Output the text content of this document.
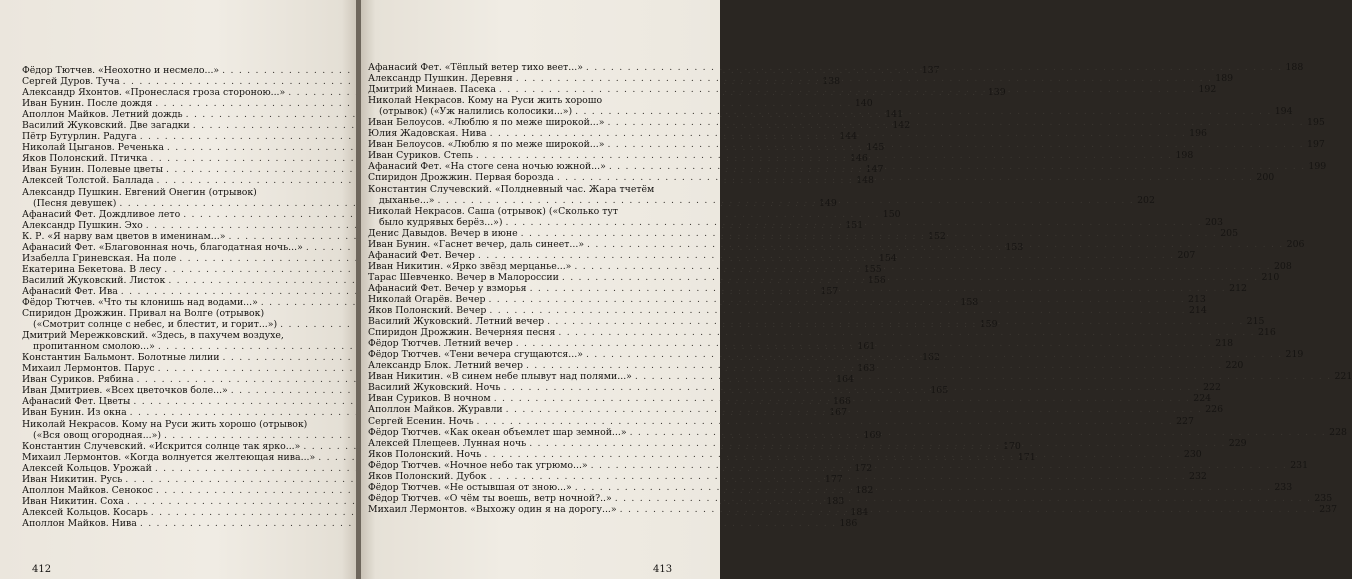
Фёдор Тютчев. «Неохотно и несмело...» . . .	137
Сергей Дуров. Туча . . .	138
Александр Яхонтов. «Пронеслася гроза стороною...» . . .	139
Иван Бунин. После дождя . . .	140
Аполлон Майков. Летний дождь . . .	141
Василий Жуковский. Две загадки . . .	142
Пётр Бутурлин. Радуга . . .	144
Николай Цыганов. Реченька . . .	145
Яков Полонский. Птичка . . .	146
Иван Бунин. Полевые цветы . . .	147
Алексей Толстой. Баллада . . .	148
Александр Пушкин. Евгений Онегин (отрывок)
(Песня девушек) . . .	149
Афанасий Фет. Дождливое лето . . .	150
Александр Пушкин. Эхо . . .	151
К. Р. «Я нарву вам цветов в именинам...» . . .	152
Афанасий Фет. «Благовонная ночь, благодатная ночь...» . . .	153
Изабелла Гриневская. На поле . . .	154
Екатерина Бекетова. В лесу . . .	155
Василий Жуковский. Листок . . .	156
Афанасий Фет. Ива . . .	157
Фёдор Тютчев. «Что ты клонишь над водами...» . . .	158
Спиридон Дрожжин. Привал на Волге (отрывок)
(«Смотрит солнце с небес, и блестит, и горит...») . . .	159
Дмитрий Мережковский. «Здесь, в пахучем воздухе,
пропитанном смолою...» . . .	161
Константин Бальмонт. Болотные лилии . . .	162
Михаил Лермонтов. Парус . . .	163
Иван Суриков. Рябина . . .	164
Иван Дмитриев. «Всех цветочков боле...» . . .	165
Афанасий Фет. Цветы . . .	166
Иван Бунин. Из окна . . .	167
Николай Некрасов. Кому на Руси жить хорошо (отрывок)
(«Вся овощ огородная...») . . .	169
Константин Случевский. «Искрится солнце так ярко...» . . .	170
Михаил Лермонтов. «Когда волнуется желтеющая нива...» . . .	171
Алексей Кольцов. Урожай . . .	172
Иван Никитин. Русь . . .	177
Аполлон Майков. Сенокос . . .	182
Иван Никитин. Соха . . .	183
Алексей Кольцов. Косарь . . .	184
Аполлон Майков. Нива . . .	186
412
Афанасий Фет. «Тёплый ветер тихо веет...» . . .	188
Александр Пушкин. Деревня . . .	189
Дмитрий Минаев. Пасека . . .	192
Николай Некрасов. Кому на Руси жить хорошо
(отрывок) («Уж налились колосики...») . . .	194
Иван Белоусов. «Люблю я по меже широкой...» . . .	195
Юлия Жадовская. Нива . . .	196
Иван Белоусов. «Люблю я по меже широкой...» . . .	197
Иван Суриков. Степь . . .	198
Афанасий Фет. «На стоге сена ночью южной...» . . .	199
Спиридон Дрожжин. Первая борозда . . .	200
Константин Случевский. «Полдневный час. Жара тчетём
дыханье...» . . .	202
Николай Некрасов. Саша (отрывок) («Сколько тут
было кудрявых берёз...») . . .	203
Денис Давыдов. Вечер в июне . . .	205
Иван Бунин. «Гаснет вечер, даль синеет...» . . .	206
Афанасий Фет. Вечер . . .	207
Иван Никитин. «Ярко звёзд мерцанье...» . . .	208
Тарас Шевченко. Вечер в Малороссии . . .	210
Афанасий Фет. Вечер у взморья . . .	212
Николай Огарёв. Вечер . . .	213
Яков Полонский. Вечер . . .	214
Василий Жуковский. Летний вечер . . .	215
Спиридон Дрожжин. Вечерняя песня . . .	216
Фёдор Тютчев. Летний вечер . . .	218
Фёдор Тютчев. «Тени вечера сгущаются...» . . .	219
Александр Блок. Летний вечер . . .	220
Иван Никитин. «В синем небе плывут над полями...» . . .	221
Василий Жуковский. Ночь . . .	222
Иван Суриков. В ночном . . .	224
Аполлон Майков. Журавли . . .	226
Сергей Есенин. Ночь . . .	227
Фёдор Тютчев. «Как океан объемлет шар земной...» . . .	228
Алексей Плещеев. Лунная ночь . . .	229
Яков Полонский. Ночь . . .	230
Фёдор Тютчев. «Ночное небо так угрюмо...» . . .	231
Яков Полонский. Дубок . . .	232
Фёдор Тютчев. «Не остывшая от зною...» . . .	233
Фёдор Тютчев. «О чём ты воешь, ветр ночной?..» . . .	235
Михаил Лермонтов. «Выхожу один я на дорогу...» . . .	237
413
